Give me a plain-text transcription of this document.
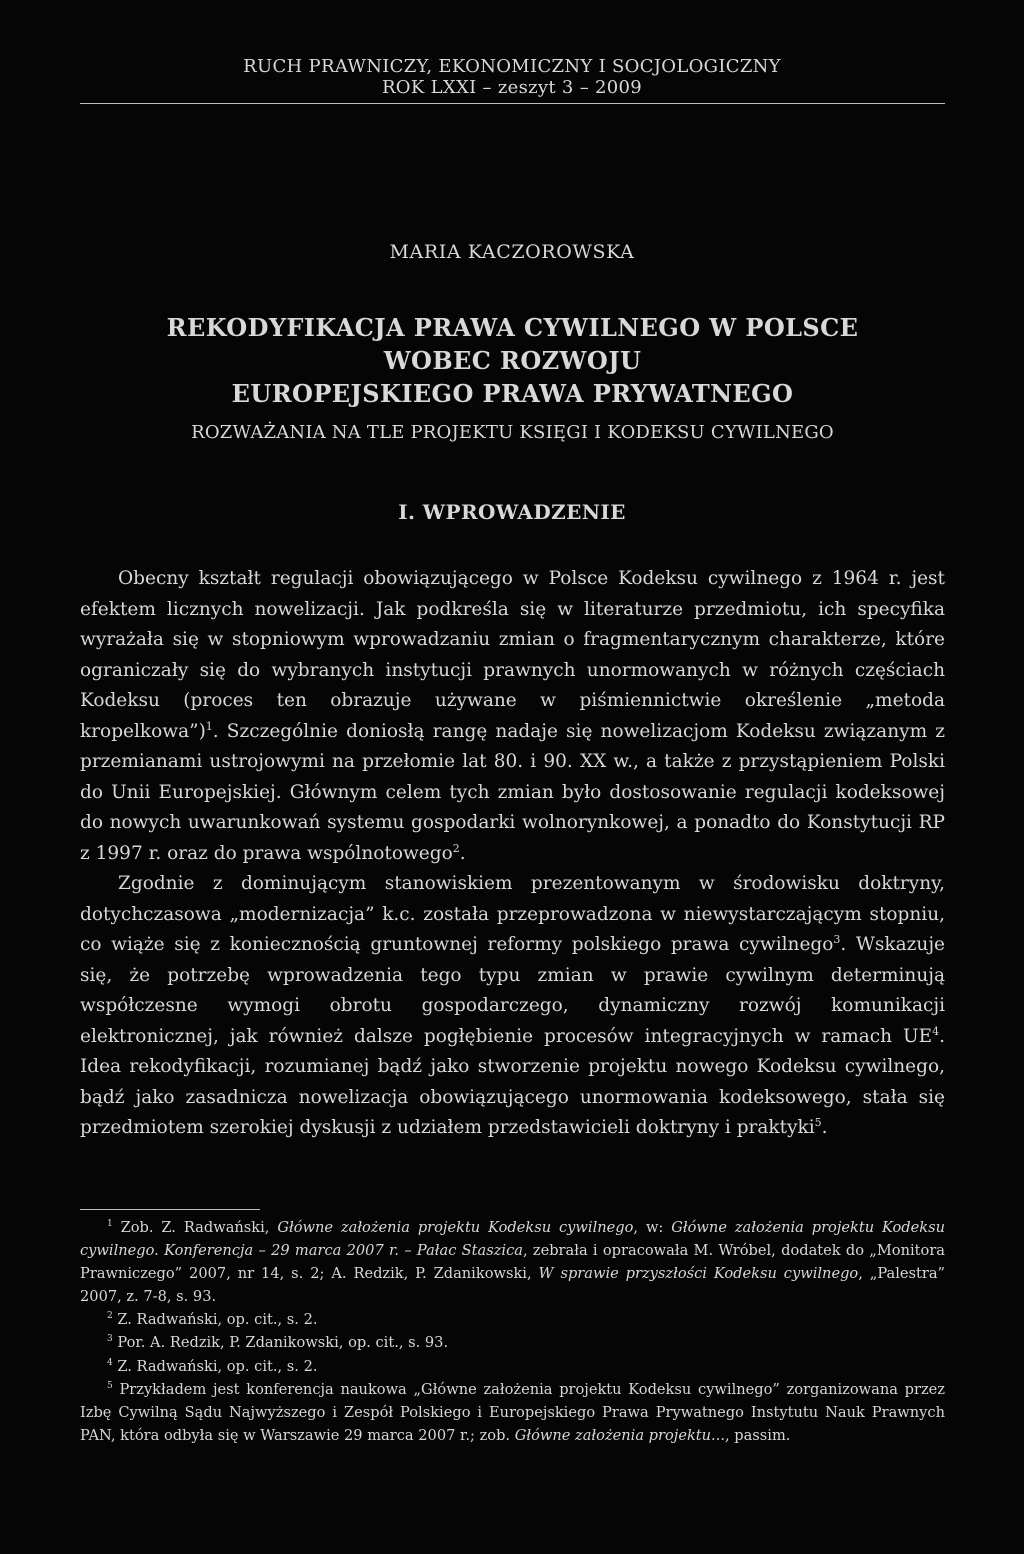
RUCH PRAWNICZY, EKONOMICZNY I SOCJOLOGICZNY
ROK LXXI – zeszyt 3 – 2009
MARIA KACZOROWSKA
REKODYFIKACJA PRAWA CYWILNEGO W POLSCE
WOBEC ROZWOJU
EUROPEJSKIEGO PRAWA PRYWATNEGO
ROZWAŻANIA NA TLE PROJEKTU KSIĘGI I KODEKSU CYWILNEGO
I. WPROWADZENIE

Obecny kształt regulacji obowiązującego w Polsce Kodeksu cywilnego z 1964 r. jest efektem licznych nowelizacji. Jak podkreśla się w literaturze przedmiotu, ich specyfika wyrażała się w stopniowym wprowadzaniu zmian o fragmentarycznym charakterze, które ograniczały się do wybranych instytucji prawnych unormowanych w różnych częściach Kodeksu (proces ten obrazuje używane w piśmiennictwie określenie „metoda kropelkowa”)$^1$. Szczególnie doniosłą rangę nadaje się nowelizacjom Kodeksu związanym z przemianami ustrojowymi na przełomie lat 80. i 90. XX w., a także z przystąpieniem Polski do Unii Europejskiej. Głównym celem tych zmian było dostosowanie regulacji kodeksowej do nowych uwarunkowań systemu gospodarki wolnorynkowej, a ponadto do Konstytucji RP z 1997 r. oraz do prawa wspólnotowego$^2$.

Zgodnie z dominującym stanowiskiem prezentowanym w środowisku doktryny, dotychczasowa „modernizacja” k.c. została przeprowadzona w niewystarczającym stopniu, co wiąże się z koniecznością gruntownej reformy polskiego prawa cywilnego$^3$. Wskazuje się, że potrzebę wprowadzenia tego typu zmian w prawie cywilnym determinują współczesne wymogi obrotu gospodarczego, dynamiczny rozwój komunikacji elektronicznej, jak również dalsze pogłębienie procesów integracyjnych w ramach $UE^4$. Idea rekodyfikacji, rozumianej bądź jako stworzenie projektu nowego Kodeksu cywilnego, bądź jako zasadnicza nowelizacja obowiązującego unormowania kodeksowego, stała się przedmiotem szerokiej dyskusji z udziałem przedstawicieli doktryny i praktyki$^5$.

$^1$ Zob. Z. Radwański, Główne założenia projektu Kodeksu cywilnego, w: Główne założenia projektu Kodeksu cywilnego. Konferencja – 29 marca 2007 r. – Pałac Staszica, zebrała i opracowała M. Wróbel, dodatek do „Monitora Prawniczego” 2007, nr 14, s. 2; A. Redzik, P. Zdanikowski, W sprawie przyszłości Kodeksu cywilnego, „Palestra” 2007, z. 7-8, s. 93.

$^2$ Z. Radwański, op. cit., s. 2.

$^3$ Por. A. Redzik, P. Zdanikowski, op. cit., s. 93.

$^4$ Z. Radwański, op. cit., s. 2.

$^5$ Przykładem jest konferencja naukowa „Główne założenia projektu Kodeksu cywilnego” zorganizowana przez Izbę Cywilną Sądu Najwyższego i Zespół Polskiego i Europejskiego Prawa Prywatnego Instytutu Nauk Prawnych PAN, która odbyła się w Warszawie 29 marca 2007 r.; zob. Główne założenia projektu..., passim.
